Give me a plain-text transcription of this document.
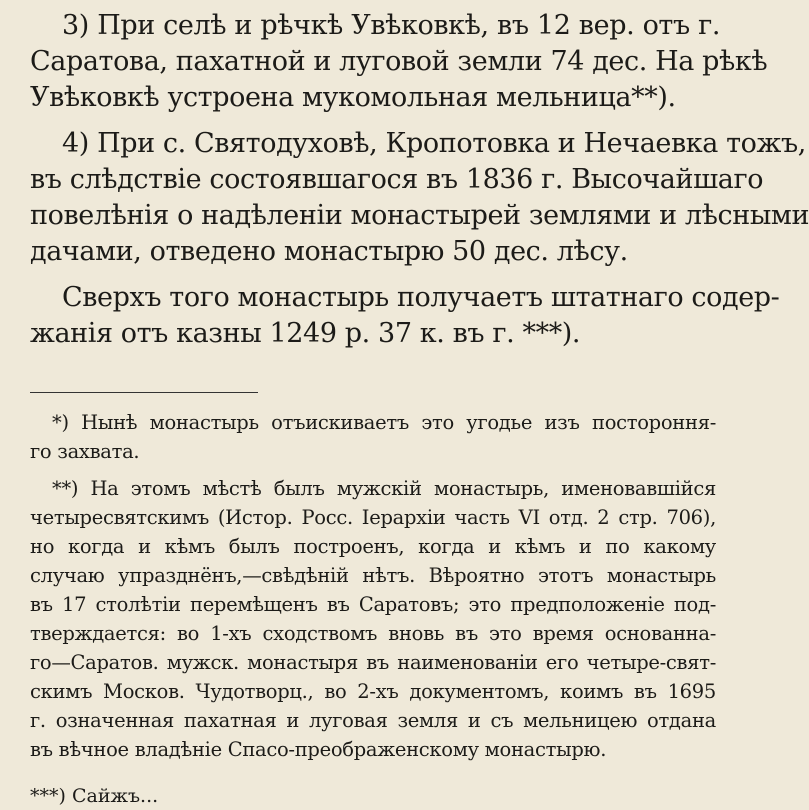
3) При селѣ и рѣчкѣ Увѣковкѣ, въ 12 вер. отъ г.
Саратова, пахатной и луговой земли 74 дес. На рѣкѣ
Увѣковкѣ устроена мукомольная мельница**).
4) При с. Святодуховѣ, Кропотовка и Нечаевка тожъ,
въ слѣдствіе состоявшагося въ 1836 г. Высочайшаго
повелѣнія о надѣленіи монастырей землями и лѣсными
дачами, отведено монастырю 50 дес. лѣсу.
Сверхъ того монастырь получаетъ штатнаго содер-
жанія отъ казны 1249 р. 37 к. въ г. ***).
*) Нынѣ монастырь отъискиваетъ это угодье изъ постороння-
го захвата.
**) На этомъ мѣстѣ былъ мужскій монастырь, именовавшійся
четыресвятскимъ (Истор. Росс. Іерархіи часть VI отд. 2 стр. 706),
но когда и кѣмъ былъ построенъ, когда и кѣмъ и по какому
случаю упразднёнъ,—свѣдѣній нѣтъ. Вѣроятно этотъ монастырь
въ 17 столѣтіи перемѣщенъ въ Саратовъ; это предположеніе под-
тверждается: во 1-хъ сходствомъ вновь въ это время основанна-
го—Саратов. мужск. монастыря въ наименованіи его четыре-свят-
скимъ Москов. Чудотворц., во 2-хъ документомъ, коимъ въ 1695
г. означенная пахатная и луговая земля и съ мельницею отдана
въ вѣчное владѣніе Спасо-преображенскому монастырю.
***) Сайжъ...
